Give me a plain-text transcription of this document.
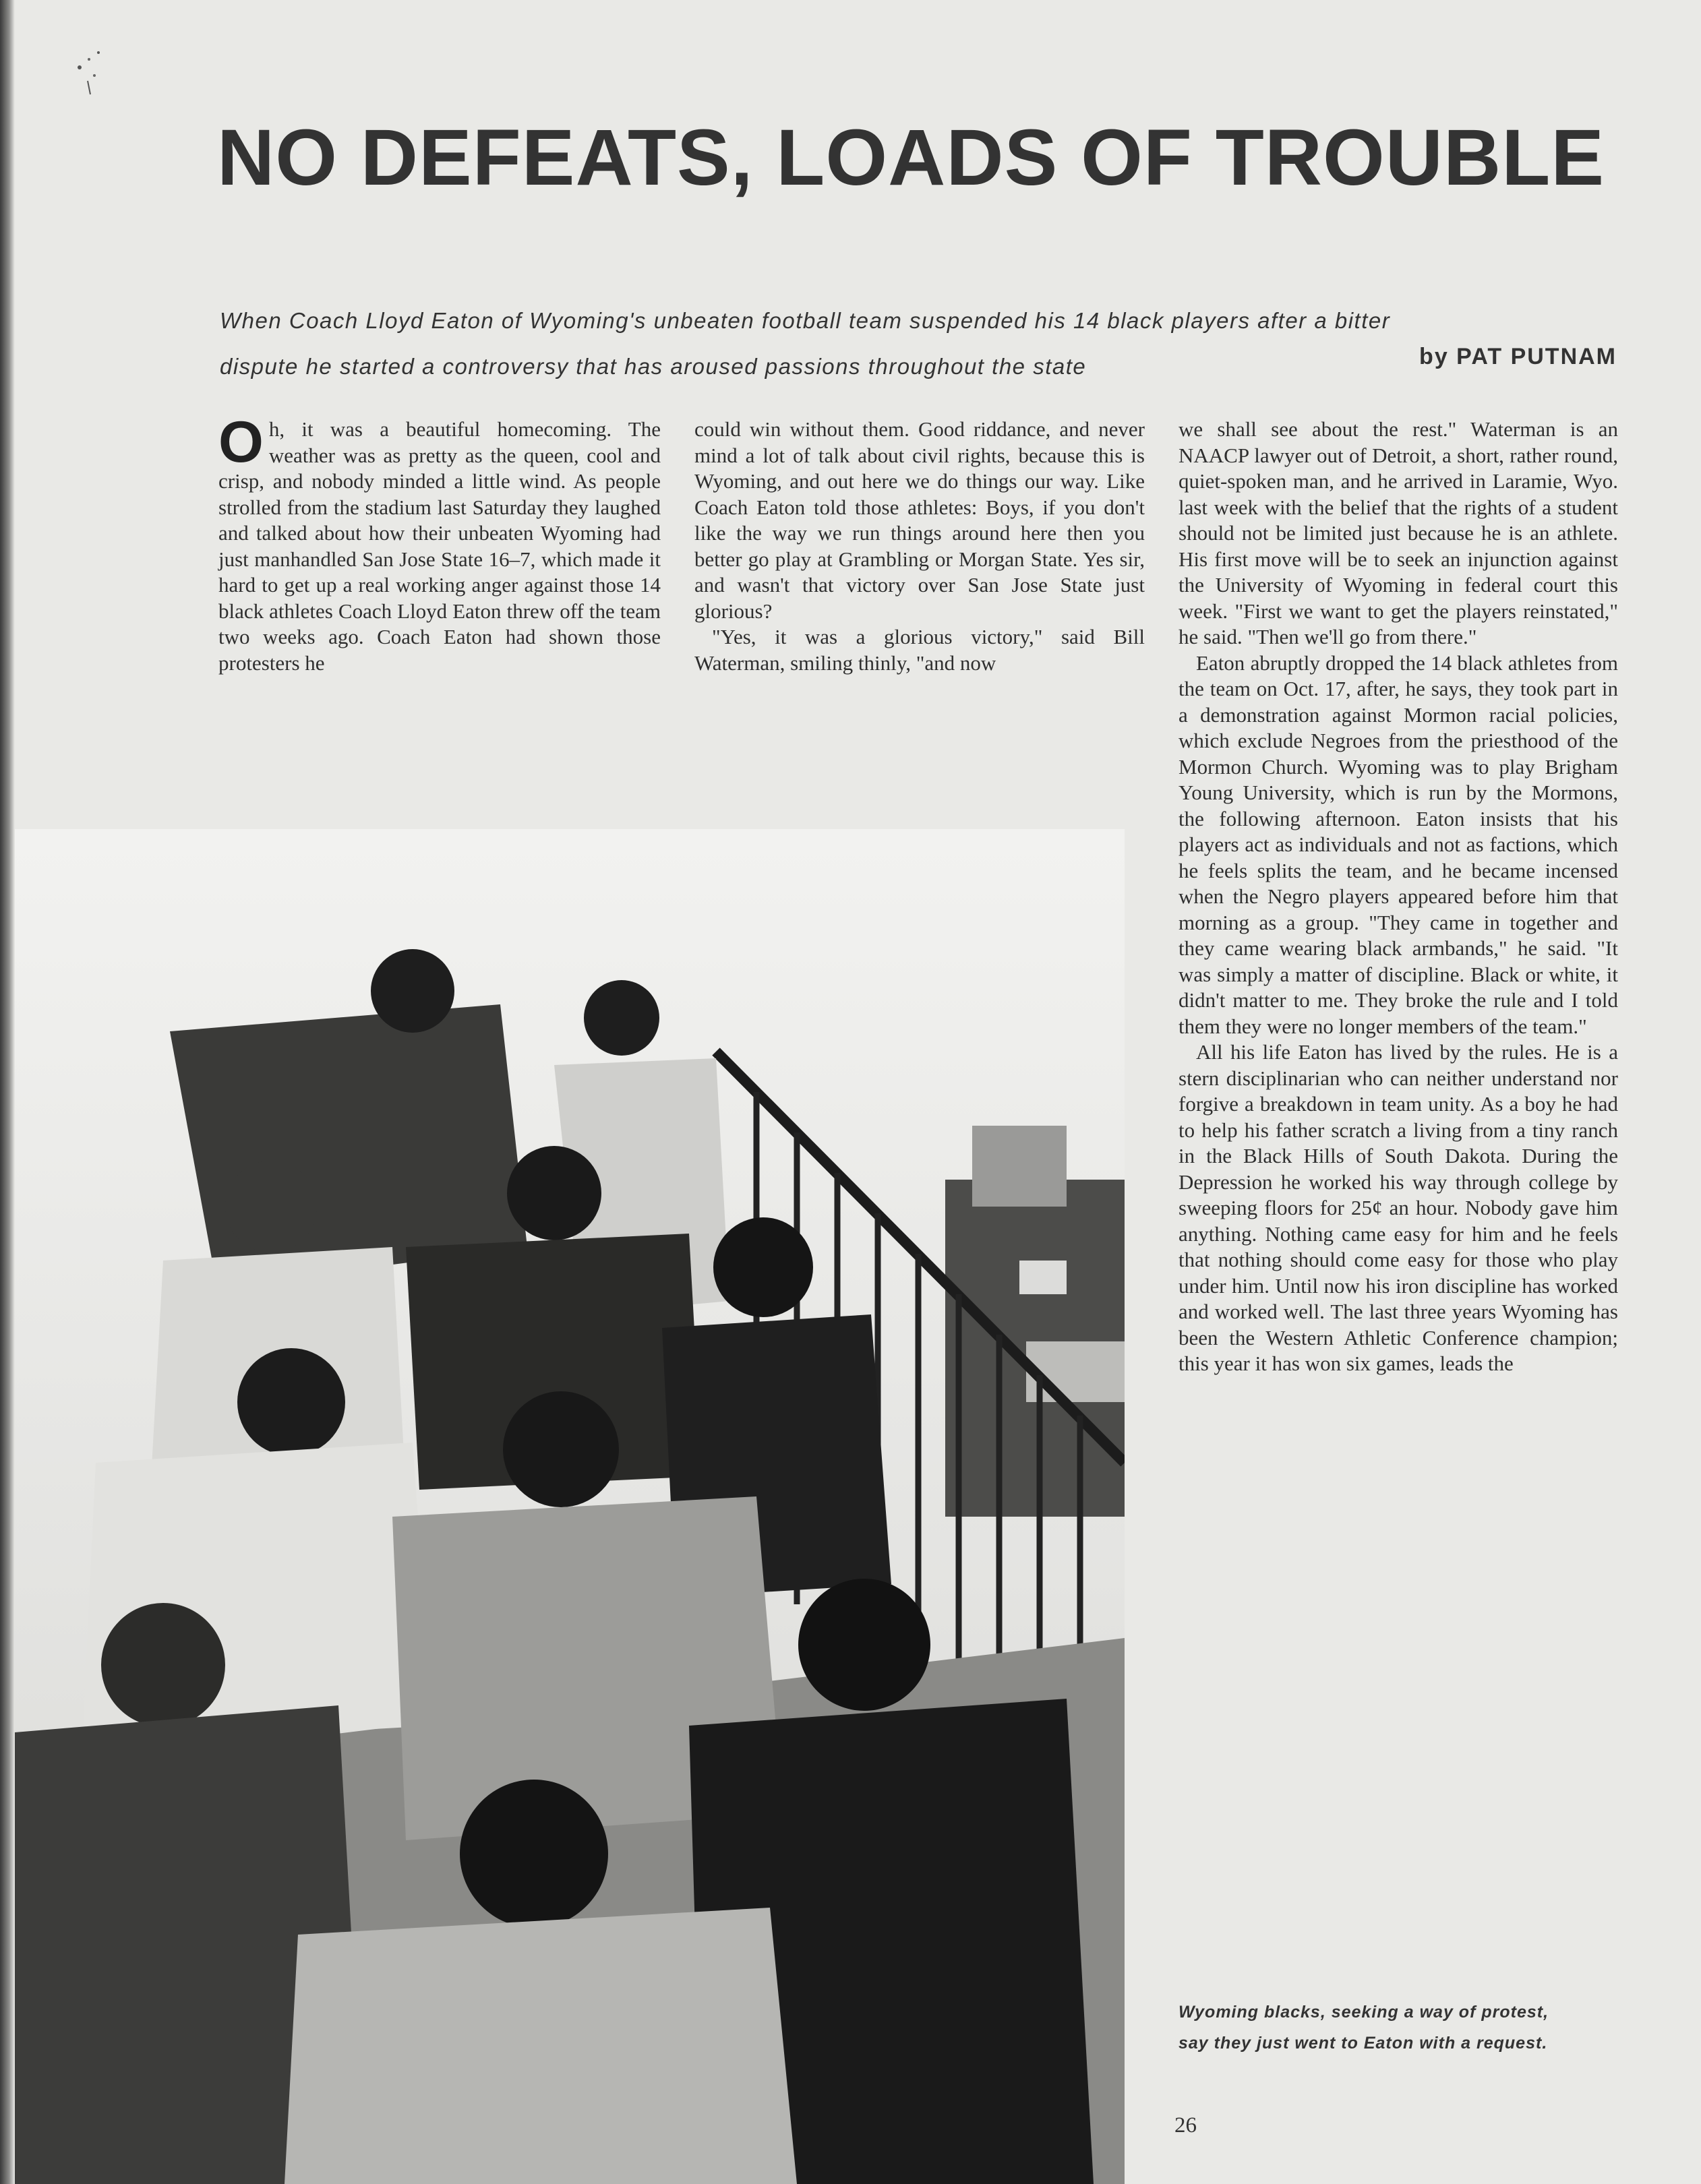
NO DEFEATS, LOADS OF TROUBLE
When Coach Lloyd Eaton of Wyoming's unbeaten football team suspended his 14 black players after a bitter
dispute he started a controversy that has aroused passions throughout the state	by PAT PUTNAM

Oh, it was a beautiful homecoming. The weather was as pretty as the queen, cool and crisp, and nobody minded a little wind. As people strolled from the stadium last Saturday they laughed and talked about how their unbeaten Wyoming had just manhandled San Jose State 16–7, which made it hard to get up a real working anger against those 14 black athletes Coach Lloyd Eaton threw off the team two weeks ago. Coach Eaton had shown those protesters he

could win without them. Good riddance, and never mind a lot of talk about civil rights, because this is Wyoming, and out here we do things our way. Like Coach Eaton told those athletes: Boys, if you don't like the way we run things around here then you better go play at Grambling or Morgan State. Yes sir, and wasn't that victory over San Jose State just glorious?

"Yes, it was a glorious victory," said Bill Waterman, smiling thinly, "and now

we shall see about the rest." Waterman is an NAACP lawyer out of Detroit, a short, rather round, quiet-spoken man, and he arrived in Laramie, Wyo. last week with the belief that the rights of a student should not be limited just because he is an athlete. His first move will be to seek an injunction against the University of Wyoming in federal court this week. "First we want to get the players reinstated," he said. "Then we'll go from there."

Eaton abruptly dropped the 14 black athletes from the team on Oct. 17, after, he says, they took part in a demonstration against Mormon racial policies, which exclude Negroes from the priesthood of the Mormon Church. Wyoming was to play Brigham Young University, which is run by the Mormons, the following afternoon. Eaton insists that his players act as individuals and not as factions, which he feels splits the team, and he became incensed when the Negro players appeared before him that morning as a group. "They came in together and they came wearing black armbands," he said. "It was simply a matter of discipline. Black or white, it didn't matter to me. They broke the rule and I told them they were no longer members of the team."

All his life Eaton has lived by the rules. He is a stern disciplinarian who can neither understand nor forgive a breakdown in team unity. As a boy he had to help his father scratch a living from a tiny ranch in the Black Hills of South Dakota. During the Depression he worked his way through college by sweeping floors for 25¢ an hour. Nobody gave him anything. Nothing came easy for him and he feels that nothing should come easy for those who play under him. Until now his iron discipline has worked and worked well. The last three years Wyoming has been the Western Athletic Conference champion; this year it has won six games, leads the

Wyoming blacks, seeking a way of protest,
say they just went to Eaton with a request.
26
